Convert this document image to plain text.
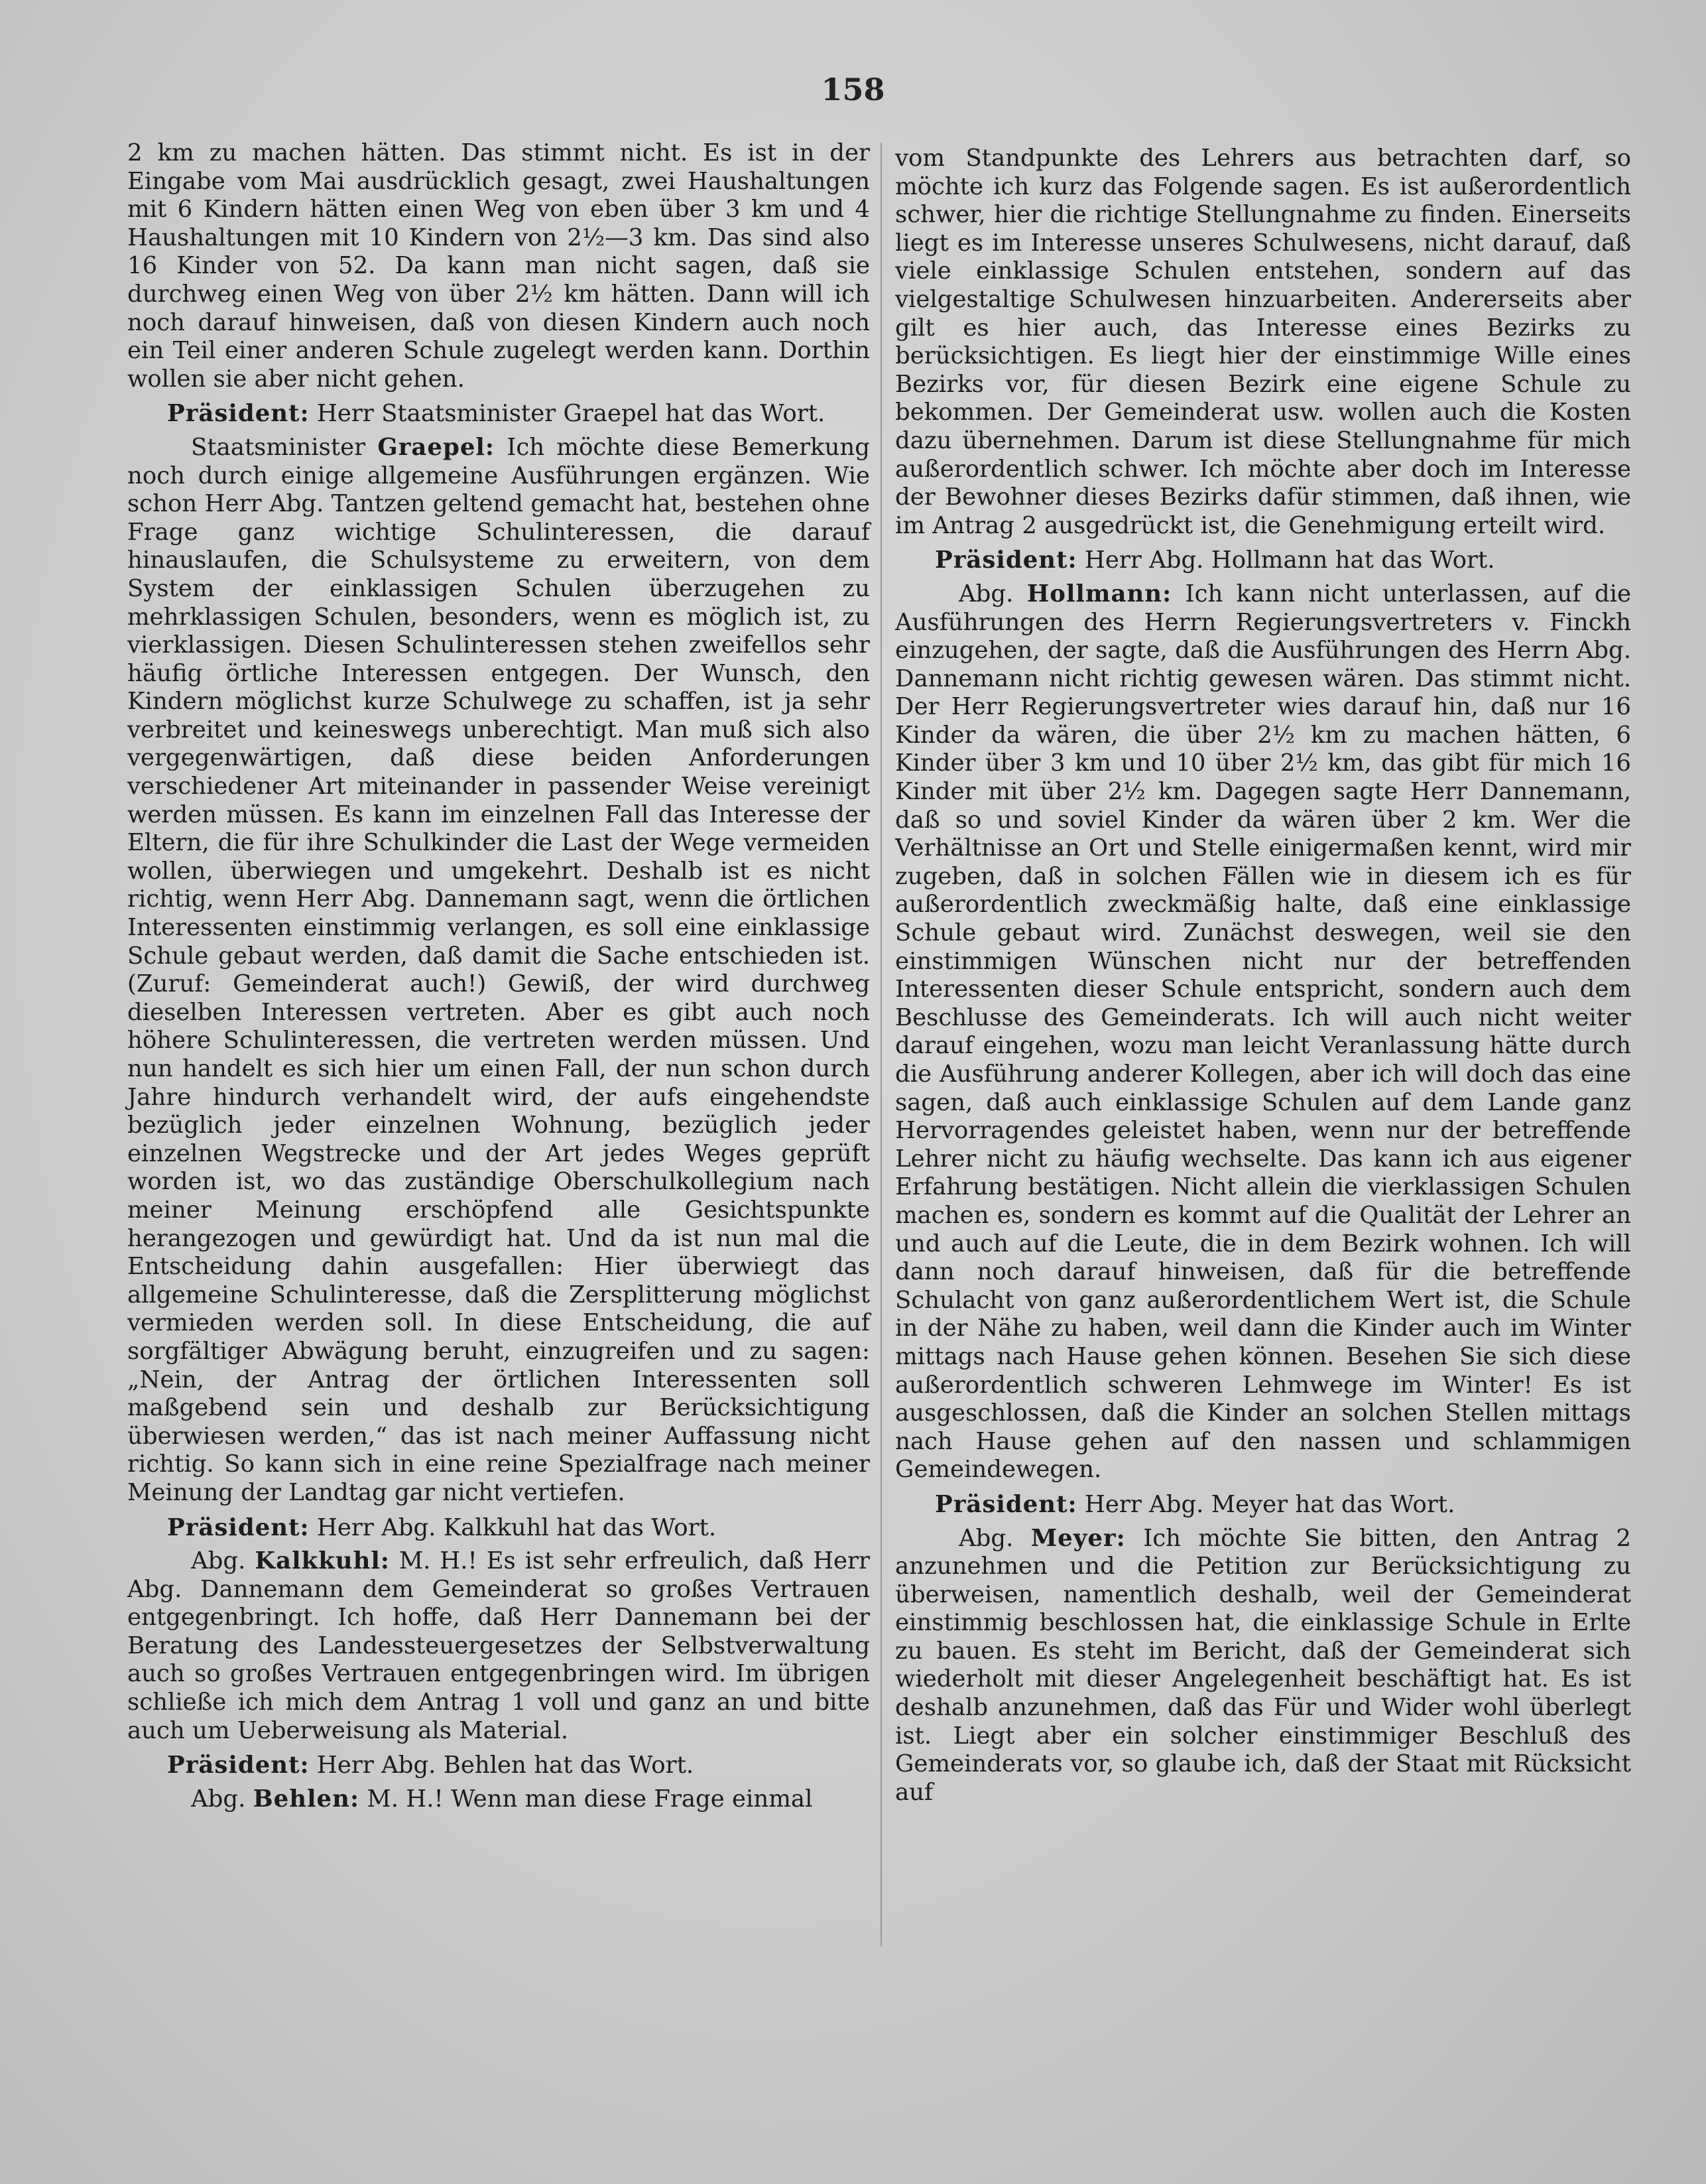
158

2 km zu machen hätten. Das stimmt nicht. Es ist in der Eingabe vom Mai ausdrücklich gesagt, zwei Haushaltungen mit 6 Kindern hätten einen Weg von eben über 3 km und 4 Haushaltungen mit 10 Kindern von 2½—3 km. Das sind also 16 Kinder von 52. Da kann man nicht sagen, daß sie durchweg einen Weg von über 2½ km hätten. Dann will ich noch darauf hinweisen, daß von diesen Kindern auch noch ein Teil einer anderen Schule zugelegt werden kann. Dorthin wollen sie aber nicht gehen.

Präsident: Herr Staatsminister Graepel hat das Wort.

Staatsminister Graepel: Ich möchte diese Bemerkung noch durch einige allgemeine Ausführungen ergänzen. Wie schon Herr Abg. Tantzen geltend gemacht hat, bestehen ohne Frage ganz wichtige Schulinteressen, die darauf hinauslaufen, die Schulsysteme zu erweitern, von dem System der einklassigen Schulen überzugehen zu mehrklassigen Schulen, besonders, wenn es möglich ist, zu vierklassigen. Diesen Schulinteressen stehen zweifellos sehr häufig örtliche Interessen entgegen. Der Wunsch, den Kindern möglichst kurze Schulwege zu schaffen, ist ja sehr verbreitet und keineswegs unberechtigt. Man muß sich also vergegenwärtigen, daß diese beiden Anforderungen verschiedener Art miteinander in passender Weise vereinigt werden müssen. Es kann im einzelnen Fall das Interesse der Eltern, die für ihre Schulkinder die Last der Wege vermeiden wollen, überwiegen und umgekehrt. Deshalb ist es nicht richtig, wenn Herr Abg. Dannemann sagt, wenn die örtlichen Interessenten einstimmig verlangen, es soll eine einklassige Schule gebaut werden, daß damit die Sache entschieden ist. (Zuruf: Gemeinderat auch!) Gewiß, der wird durchweg dieselben Interessen vertreten. Aber es gibt auch noch höhere Schulinteressen, die vertreten werden müssen. Und nun handelt es sich hier um einen Fall, der nun schon durch Jahre hindurch verhandelt wird, der aufs eingehendste bezüglich jeder einzelnen Wohnung, bezüglich jeder einzelnen Wegstrecke und der Art jedes Weges geprüft worden ist, wo das zuständige Oberschulkollegium nach meiner Meinung erschöpfend alle Gesichtspunkte herangezogen und gewürdigt hat. Und da ist nun mal die Entscheidung dahin ausgefallen: Hier überwiegt das allgemeine Schulinteresse, daß die Zersplitterung möglichst vermieden werden soll. In diese Entscheidung, die auf sorgfältiger Abwägung beruht, einzugreifen und zu sagen: „Nein, der Antrag der örtlichen Interessenten soll maßgebend sein und deshalb zur Berücksichtigung überwiesen werden,“ das ist nach meiner Auffassung nicht richtig. So kann sich in eine reine Spezialfrage nach meiner Meinung der Landtag gar nicht vertiefen.

Präsident: Herr Abg. Kalkkuhl hat das Wort.

Abg. Kalkkuhl: M. H.! Es ist sehr erfreulich, daß Herr Abg. Dannemann dem Gemeinderat so großes Vertrauen entgegenbringt. Ich hoffe, daß Herr Dannemann bei der Beratung des Landessteuergesetzes der Selbstverwaltung auch so großes Vertrauen entgegenbringen wird. Im übrigen schließe ich mich dem Antrag 1 voll und ganz an und bitte auch um Ueberweisung als Material.

Präsident: Herr Abg. Behlen hat das Wort.

Abg. Behlen: M. H.! Wenn man diese Frage einmal

vom Standpunkte des Lehrers aus betrachten darf, so möchte ich kurz das Folgende sagen. Es ist außerordentlich schwer, hier die richtige Stellungnahme zu finden. Einerseits liegt es im Interesse unseres Schulwesens, nicht darauf, daß viele einklassige Schulen entstehen, sondern auf das vielgestaltige Schulwesen hinzuarbeiten. Andererseits aber gilt es hier auch, das Interesse eines Bezirks zu berücksichtigen. Es liegt hier der einstimmige Wille eines Bezirks vor, für diesen Bezirk eine eigene Schule zu bekommen. Der Gemeinderat usw. wollen auch die Kosten dazu übernehmen. Darum ist diese Stellungnahme für mich außerordentlich schwer. Ich möchte aber doch im Interesse der Bewohner dieses Bezirks dafür stimmen, daß ihnen, wie im Antrag 2 ausgedrückt ist, die Genehmigung erteilt wird.

Präsident: Herr Abg. Hollmann hat das Wort.

Abg. Hollmann: Ich kann nicht unterlassen, auf die Ausführungen des Herrn Regierungsvertreters v. Finckh einzugehen, der sagte, daß die Ausführungen des Herrn Abg. Dannemann nicht richtig gewesen wären. Das stimmt nicht. Der Herr Regierungsvertreter wies darauf hin, daß nur 16 Kinder da wären, die über 2½ km zu machen hätten, 6 Kinder über 3 km und 10 über 2½ km, das gibt für mich 16 Kinder mit über 2½ km. Dagegen sagte Herr Dannemann, daß so und soviel Kinder da wären über 2 km. Wer die Verhältnisse an Ort und Stelle einigermaßen kennt, wird mir zugeben, daß in solchen Fällen wie in diesem ich es für außerordentlich zweckmäßig halte, daß eine einklassige Schule gebaut wird. Zunächst deswegen, weil sie den einstimmigen Wünschen nicht nur der betreffenden Interessenten dieser Schule entspricht, sondern auch dem Beschlusse des Gemeinderats. Ich will auch nicht weiter darauf eingehen, wozu man leicht Veranlassung hätte durch die Ausführung anderer Kollegen, aber ich will doch das eine sagen, daß auch einklassige Schulen auf dem Lande ganz Hervorragendes geleistet haben, wenn nur der betreffende Lehrer nicht zu häufig wechselte. Das kann ich aus eigener Erfahrung bestätigen. Nicht allein die vierklassigen Schulen machen es, sondern es kommt auf die Qualität der Lehrer an und auch auf die Leute, die in dem Bezirk wohnen. Ich will dann noch darauf hinweisen, daß für die betreffende Schulacht von ganz außerordentlichem Wert ist, die Schule in der Nähe zu haben, weil dann die Kinder auch im Winter mittags nach Hause gehen können. Besehen Sie sich diese außerordentlich schweren Lehmwege im Winter! Es ist ausgeschlossen, daß die Kinder an solchen Stellen mittags nach Hause gehen auf den nassen und schlammigen Gemeindewegen.

Präsident: Herr Abg. Meyer hat das Wort.

Abg. Meyer: Ich möchte Sie bitten, den Antrag 2 anzunehmen und die Petition zur Berücksichtigung zu überweisen, namentlich deshalb, weil der Gemeinderat einstimmig beschlossen hat, die einklassige Schule in Erlte zu bauen. Es steht im Bericht, daß der Gemeinderat sich wiederholt mit dieser Angelegenheit beschäftigt hat. Es ist deshalb anzunehmen, daß das Für und Wider wohl überlegt ist. Liegt aber ein solcher einstimmiger Beschluß des Gemeinderats vor, so glaube ich, daß der Staat mit Rücksicht auf
